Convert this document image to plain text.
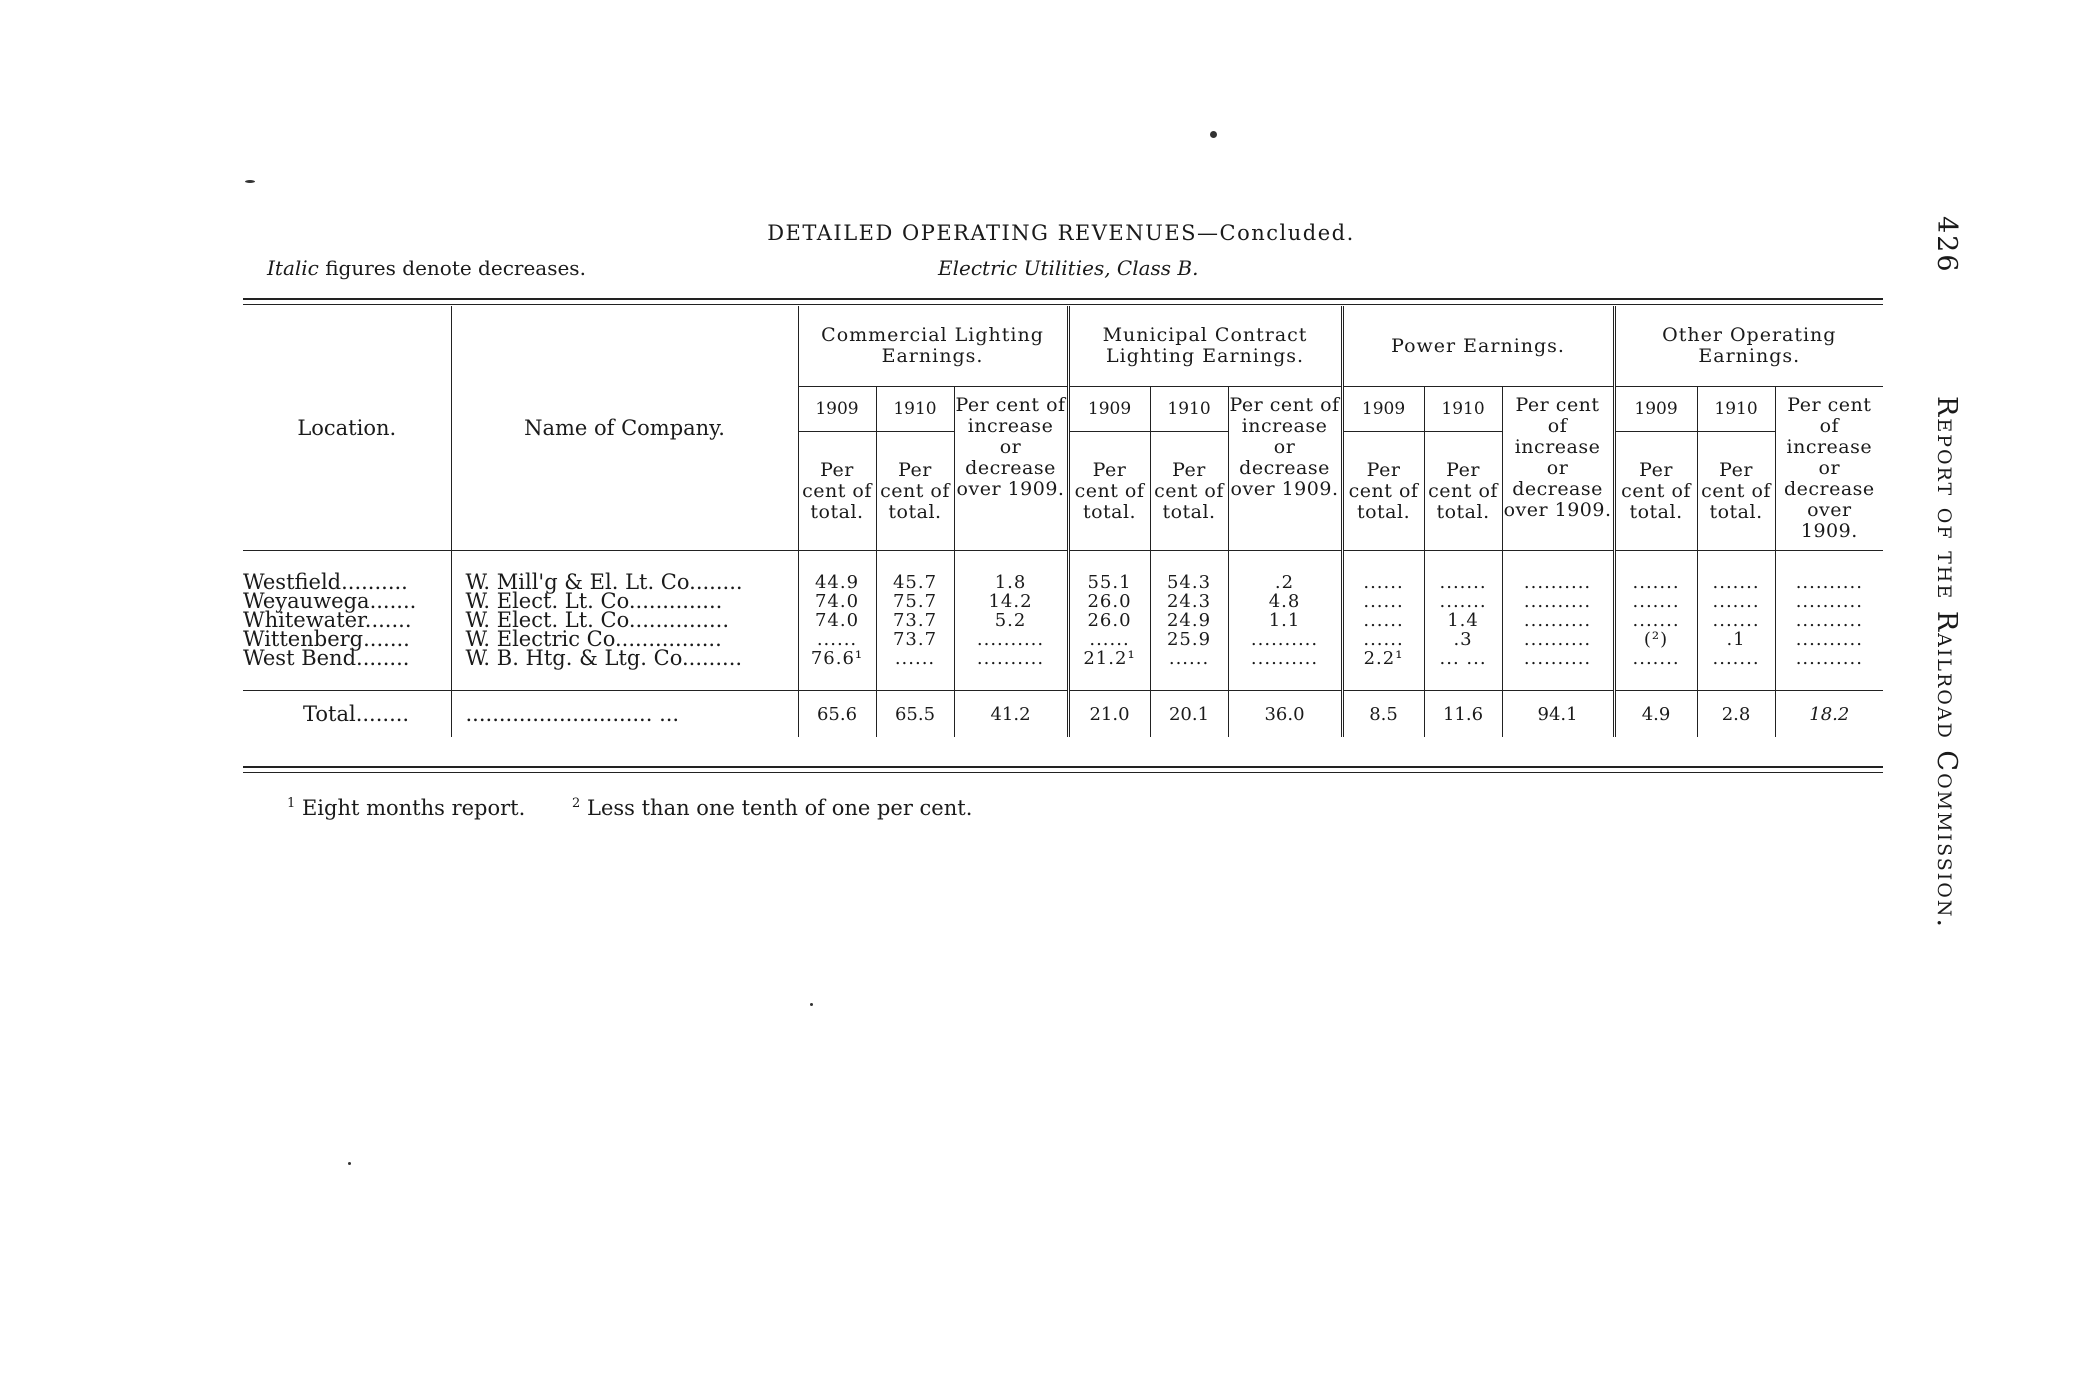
DETAILED OPERATING REVENUES—Concluded.
Italic figures denote decreases.	Electric Utilities, Class B.	426
Report of the Railroad Commission.
Location.	Name of Company.	Commercial Lighting Earnings.			Municipal Contract Lighting Earnings.			Power Earnings.			Other Operating Earnings.		
		1909	1910	Per cent of increase or decrease over 1909.	1909	1910	Per cent of increase or decrease over 1909.	1909	1910	Per cent of increase or decrease over 1909.	1909	1910	Per cent of increase or decrease over 1909.
		Per cent of total.	Per cent of total.		Per cent of total.	Per cent of total.		Per cent of total.	Per cent of total.		Per cent of total.	Per cent of total.	

Westfield..........	W. Mill'g & El. Lt. Co........	44.9	45.7	1.8	55.1	54.3	.2	......	.......	..........	.......	.......	..........
Weyauwega.......	W. Elect. Lt. Co..............	74.0	75.7	14.2	26.0	24.3	4.8	......	.......	..........	.......	.......	..........
Whitewater.......	W. Elect. Lt. Co...............	74.0	73.7	5.2	26.0	24.9	1.1	......	1.4	..........	.......	.......	..........
Wittenberg.......	W. Electric Co................	......	73.7	..........	......	25.9	..........	......	.3	..........	(²)	.1	..........
West Bend........	W. B. Htg. & Ltg. Co.........	76.6¹	......	..........	21.2¹	......	..........	2.2¹	... ...	..........	.......	.......	..........

Total........	............................ ...	65.6	65.5	41.2	21.0	20.1	36.0	8.5	11.6	94.1	4.9	2.8	18.2
$^1$ Eight months report.	$^2$ Less than one tenth of one per cent.
